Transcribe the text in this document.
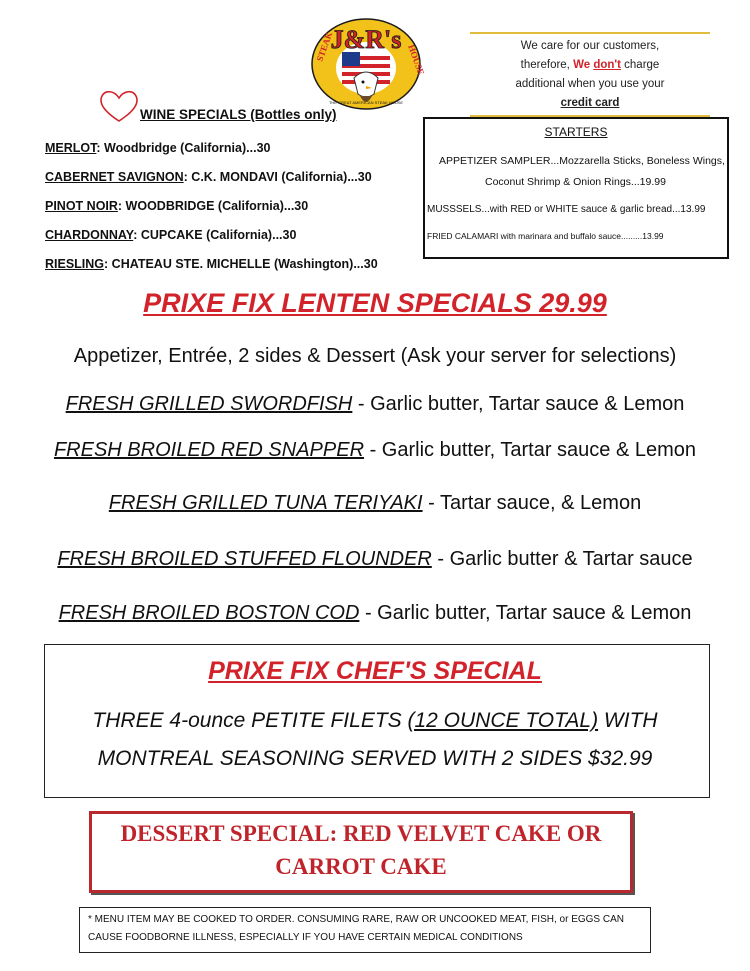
J&R's
STEAK	HOUSE
THE GREAT AMERICAN STEAK HOUSE
We care for our customers,
therefore, We don't charge
additional when you use your
credit card
WINE SPECIALS (Bottles only)
MERLOT: Woodbridge (California)...30
CABERNET SAVIGNON: C.K. MONDAVI (California)...30
PINOT NOIR: WOODBRIDGE (California)...30
CHARDONNAY: CUPCAKE (California)...30
RIESLING: CHATEAU STE. MICHELLE (Washington)...30
STARTERS
APPETIZER SAMPLER...Mozzarella Sticks, Boneless Wings,
Coconut Shrimp & Onion Rings...19.99
MUSSSELS...with RED or WHITE sauce & garlic bread...13.99
FRIED CALAMARI with marinara and buffalo sauce.........13.99
PRIXE FIX LENTEN SPECIALS 29.99
Appetizer, Entrée, 2 sides & Dessert (Ask your server for selections)
FRESH GRILLED SWORDFISH - Garlic butter, Tartar sauce & Lemon
FRESH BROILED RED SNAPPER - Garlic butter, Tartar sauce & Lemon
FRESH GRILLED TUNA TERIYAKI - Tartar sauce, & Lemon
FRESH BROILED STUFFED FLOUNDER - Garlic butter & Tartar sauce
FRESH BROILED BOSTON COD - Garlic butter, Tartar sauce & Lemon
PRIXE FIX CHEF'S SPECIAL
THREE 4-ounce PETITE FILETS (12 OUNCE TOTAL) WITH
MONTREAL SEASONING SERVED WITH 2 SIDES $32.99
DESSERT SPECIAL: RED VELVET CAKE OR
CARROT CAKE
* MENU ITEM MAY BE COOKED TO ORDER. CONSUMING RARE, RAW OR UNCOOKED MEAT, FISH, or EGGS CAN
CAUSE FOODBORNE ILLNESS, ESPECIALLY IF YOU HAVE CERTAIN MEDICAL CONDITIONS
